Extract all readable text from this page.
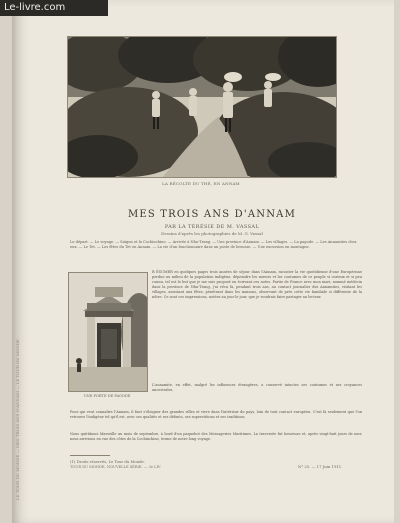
LE TOUR DU MONDE — MES TROIS ANS D'ANNAM — LE TOUR DU MONDE
LA RÉCOLTE DU THÉ, EN ANNAM
MES TROIS ANS D'ANNAM
PAR LA TÉRÉSIE DE M. VASSAL
Dessins d'après les photographies de M. G. Vassal
Le départ. — Le voyage. — Saïgon et la Cochinchine. — Arrivée à Nha-Trang. — Une province d'Annam. — Les villages. — La pagode. — Les Annamites chez eux. — Le Tet. — Les fêtes du Tet en Annam. — La vie d'un fonctionnaire dans un poste de brousse. — Une excursion en montagne.
UNE PORTE DE PAGODE
R ÉSUMER en quelques pages trois années de séjour dans l'Annam, raconter la vie quotidienne d'une Européenne perdue au milieu de la population indigène, dépeindre les mœurs et les coutumes de ce peuple si curieux et si peu connu, tel est le but que je me suis proposé en écrivant ces notes. Partie de France avec mon mari, nommé médecin dans la province de Nha-Trang, j'ai vécu là, pendant trois ans, au contact journalier des Annamites, visitant les villages, assistant aux fêtes, pénétrant dans les maisons, observant de près cette vie familiale si différente de la nôtre. Ce sont ces impressions, notées au jour le jour, que je voudrais faire partager au lecteur.
L'annamite, en effet, malgré les influences étrangères, a conservé intactes ses coutumes et ses croyances ancestrales.
Pour qui veut connaître l'Annam, il faut s'éloigner des grandes villes et vivre dans l'intérieur du pays, loin de tout contact européen. C'est là seulement que l'on retrouve l'indigène tel qu'il est, avec ses qualités et ses défauts, ses superstitions et ses traditions.
Nous quittâmes Marseille au mois de septembre, à bord d'un paquebot des Messageries Maritimes. La traversée fut heureuse et, après vingt-huit jours de mer, nous arrivions en vue des côtes de la Cochinchine, terme de notre long voyage.
(1) Droits réservés, Le Tour du Monde.
TOUR DU MONDE, NOUVELLE SÉRIE. — 3e LIV.	N° 25. — 17 Juin 1911.
Le-livre.com
